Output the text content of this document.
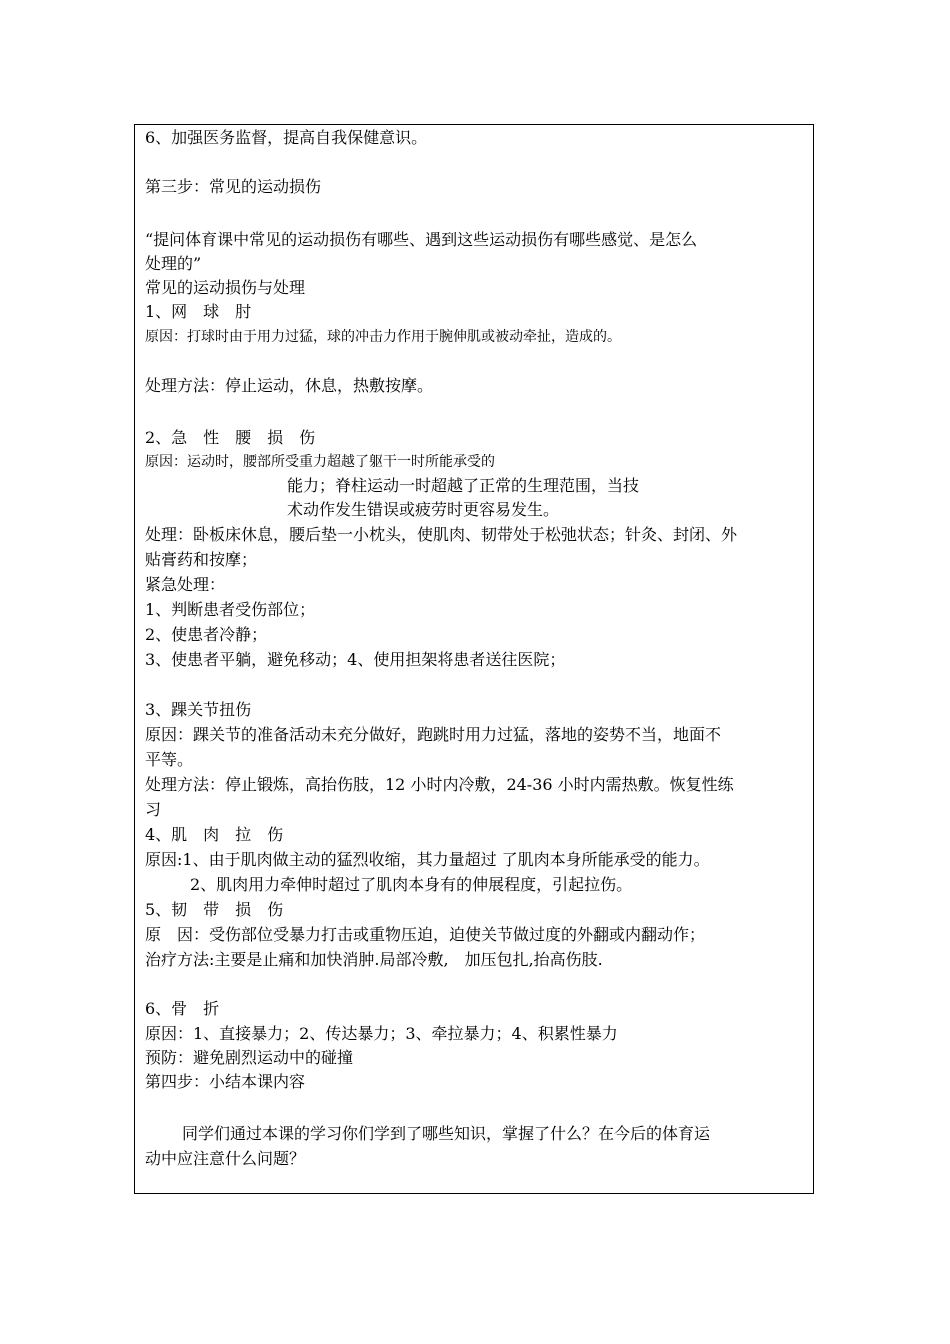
6、加强医务监督，提高自我保健意识。
第三步：常见的运动损伤
“提问体育课中常见的运动损伤有哪些、遇到这些运动损伤有哪些感觉、是怎么
处理的”
常见的运动损伤与处理
1、网　球　肘
原因：打球时由于用力过猛，球的冲击力作用于腕伸肌或被动牵扯，造成的。
处理方法：停止运动，休息，热敷按摩。
2、急　性　腰　损　伤
原因：运动时，腰部所受重力超越了躯干一时所能承受的
能力；脊柱运动一时超越了正常的生理范围，当技
术动作发生错误或疲劳时更容易发生。
处理：卧板床休息，腰后垫一小枕头，使肌肉、韧带处于松弛状态；针灸、封闭、外
贴膏药和按摩；
紧急处理：
1、判断患者受伤部位；
2、使患者冷静；
3、使患者平躺，避免移动；4、使用担架将患者送往医院；
3、踝关节扭伤
原因：踝关节的准备活动未充分做好，跑跳时用力过猛，落地的姿势不当，地面不
平等。
处理方法：停止锻炼，高抬伤肢，12 小时内冷敷，24-36 小时内需热敷。恢复性练
习
4、肌　肉　拉　伤
原因:1、由于肌肉做主动的猛烈收缩，其力量超过 了肌肉本身所能承受的能力。
2、肌肉用力牵伸时超过了肌肉本身有的伸展程度，引起拉伤。
5、韧　带　损　伤
原　因：受伤部位受暴力打击或重物压迫，迫使关节做过度的外翻或内翻动作；
治疗方法:主要是止痛和加快消肿.局部冷敷,　加压包扎,抬高伤肢.
6、骨　折
原因：1、直接暴力；2、传达暴力；3、牵拉暴力；4、积累性暴力
预防：避免剧烈运动中的碰撞
第四步：小结本课内容
同学们通过本课的学习你们学到了哪些知识，掌握了什么？在今后的体育运
动中应注意什么问题？
